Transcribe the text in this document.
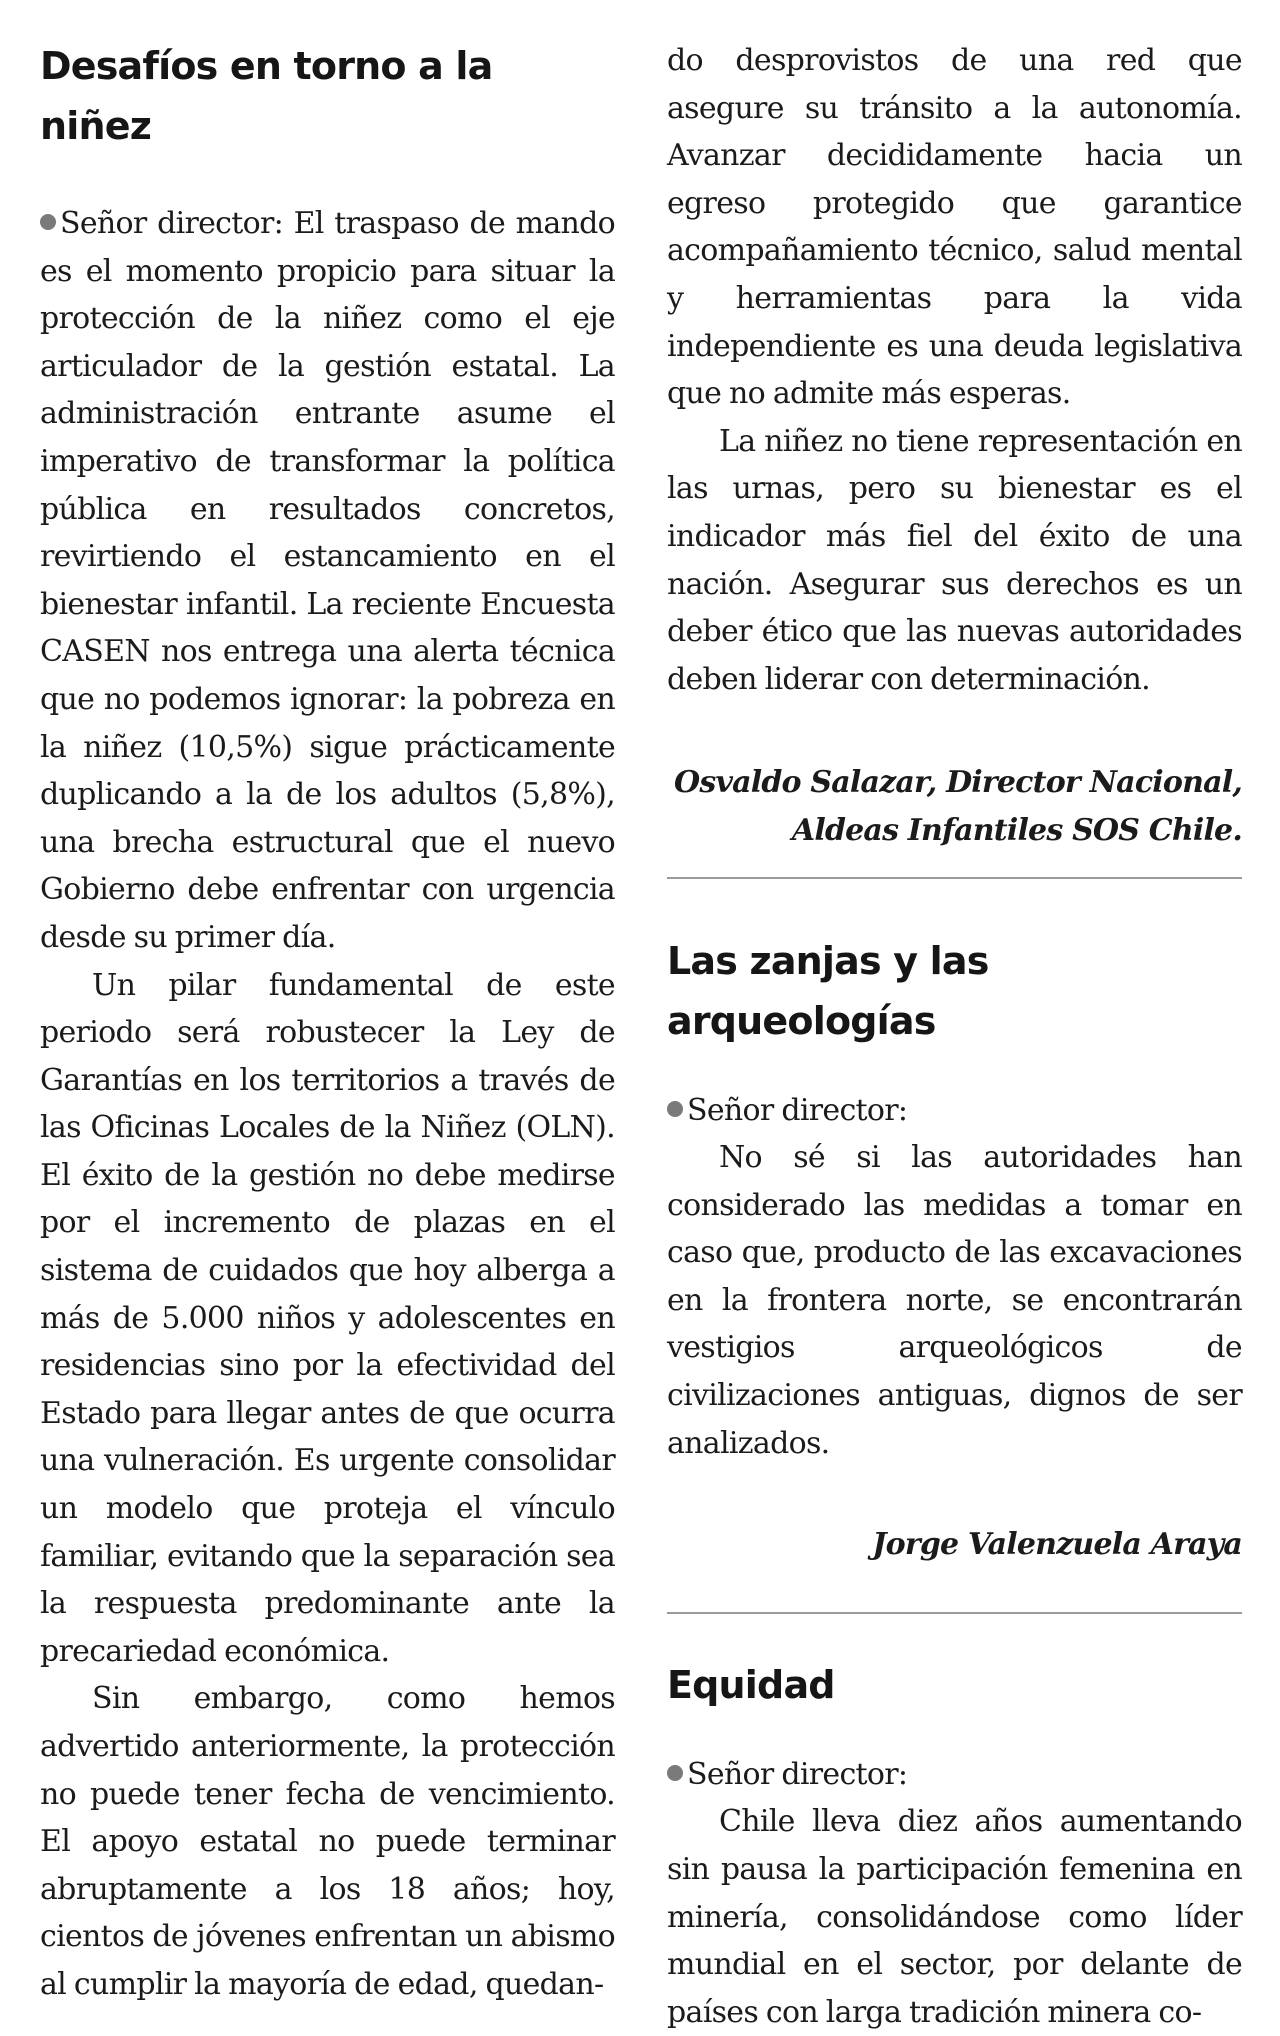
Desafíos en torno a la niñez

Señor director: El traspaso de mando es el momento propicio para situar la protección de la niñez como el eje articulador de la gestión estatal. La administración entrante asume el imperativo de transformar la política pública en resultados concretos, revirtiendo el estancamiento en el bienestar infantil. La reciente Encuesta CASEN nos entrega una alerta técnica que no podemos ignorar: la pobreza en la niñez (10,5%) sigue prácticamente duplicando a la de los adultos (5,8%), una brecha estructural que el nuevo Gobierno debe enfrentar con urgencia desde su primer día.

Un pilar fundamental de este periodo será robustecer la Ley de Garantías en los territorios a través de las Oficinas Locales de la Niñez (OLN). El éxito de la gestión no debe medirse por el incremento de plazas en el sistema de cuidados que hoy alberga a más de 5.000 niños y adolescentes en residencias sino por la efectividad del Estado para llegar antes de que ocurra una vulneración. Es urgente consolidar un modelo que proteja el vínculo familiar, evitando que la separación sea la respuesta predominante ante la precariedad económica.

Sin embargo, como hemos advertido anteriormente, la protección no puede tener fecha de vencimiento. El apoyo estatal no puede terminar abruptamente a los 18 años; hoy, cientos de jóvenes enfrentan un abismo al cumplir la mayoría de edad, quedan-

do desprovistos de una red que asegure su tránsito a la autonomía. Avanzar decididamente hacia un egreso protegido que garantice acompañamiento técnico, salud mental y herramientas para la vida independiente es una deuda legislativa que no admite más esperas.

La niñez no tiene representación en las urnas, pero su bienestar es el indicador más fiel del éxito de una nación. Asegurar sus derechos es un deber ético que las nuevas autoridades deben liderar con determinación.

Osvaldo Salazar, Director Nacional,

Aldeas Infantiles SOS Chile.

Las zanjas y las arqueologías

Señor director:

No sé si las autoridades han considerado las medidas a tomar en caso que, producto de las excavaciones en la frontera norte, se encontrarán vestigios arqueológicos de civilizaciones antiguas, dignos de ser analizados.

Jorge Valenzuela Araya

Equidad

Señor director:

Chile lleva diez años aumentando sin pausa la participación femenina en minería, consolidándose como líder mundial en el sector, por delante de países con larga tradición minera co-
